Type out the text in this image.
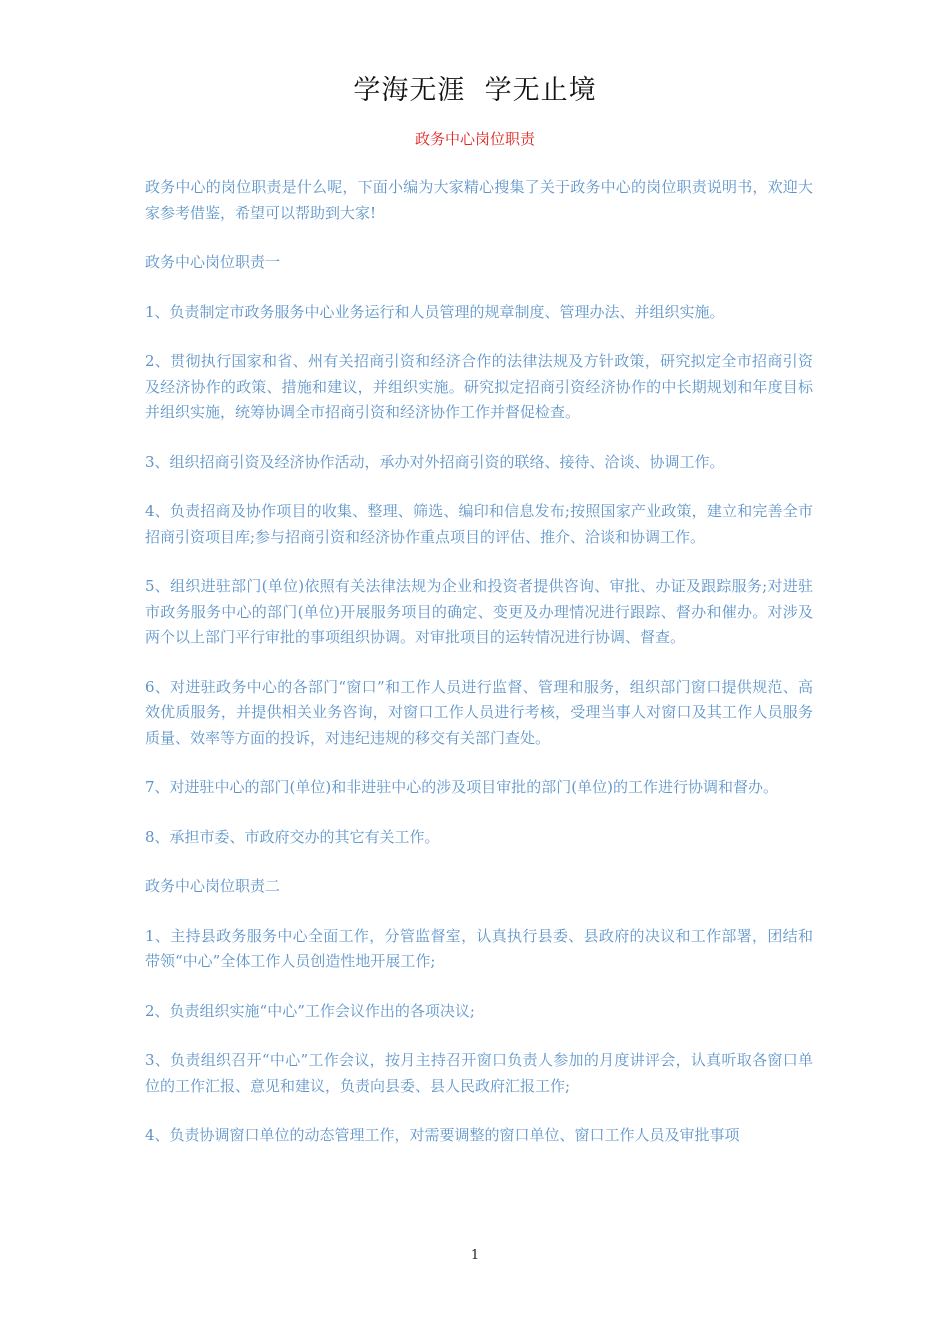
学海无涯  学无止境
政务中心岗位职责

政务中心的岗位职责是什么呢，下面小编为大家精心搜集了关于政务中心的岗位职责说明书，欢迎大家参考借鉴，希望可以帮助到大家!

政务中心岗位职责一

1、负责制定市政务服务中心业务运行和人员管理的规章制度、管理办法、并组织实施。

2、贯彻执行国家和省、州有关招商引资和经济合作的法律法规及方针政策，研究拟定全市招商引资及经济协作的政策、措施和建议，并组织实施。研究拟定招商引资经济协作的中长期规划和年度目标并组织实施，统筹协调全市招商引资和经济协作工作并督促检查。

3、组织招商引资及经济协作活动，承办对外招商引资的联络、接待、洽谈、协调工作。

4、负责招商及协作项目的收集、整理、筛选、编印和信息发布;按照国家产业政策，建立和完善全市招商引资项目库;参与招商引资和经济协作重点项目的评估、推介、洽谈和协调工作。

5、组织进驻部门(单位)依照有关法律法规为企业和投资者提供咨询、审批、办证及跟踪服务;对进驻市政务服务中心的部门(单位)开展服务项目的确定、变更及办理情况进行跟踪、督办和催办。对涉及两个以上部门平行审批的事项组织协调。对审批项目的运转情况进行协调、督查。

6、对进驻政务中心的各部门“窗口”和工作人员进行监督、管理和服务，组织部门窗口提供规范、高效优质服务，并提供相关业务咨询，对窗口工作人员进行考核，受理当事人对窗口及其工作人员服务质量、效率等方面的投诉，对违纪违规的移交有关部门查处。

7、对进驻中心的部门(单位)和非进驻中心的涉及项目审批的部门(单位)的工作进行协调和督办。

8、承担市委、市政府交办的其它有关工作。

政务中心岗位职责二

1、主持县政务服务中心全面工作，分管监督室，认真执行县委、县政府的决议和工作部署，团结和带领“中心”全体工作人员创造性地开展工作;

2、负责组织实施“中心”工作会议作出的各项决议;

3、负责组织召开“中心”工作会议，按月主持召开窗口负责人参加的月度讲评会，认真听取各窗口单位的工作汇报、意见和建议，负责向县委、县人民政府汇报工作;

4、负责协调窗口单位的动态管理工作，对需要调整的窗口单位、窗口工作人员及审批事项

1
